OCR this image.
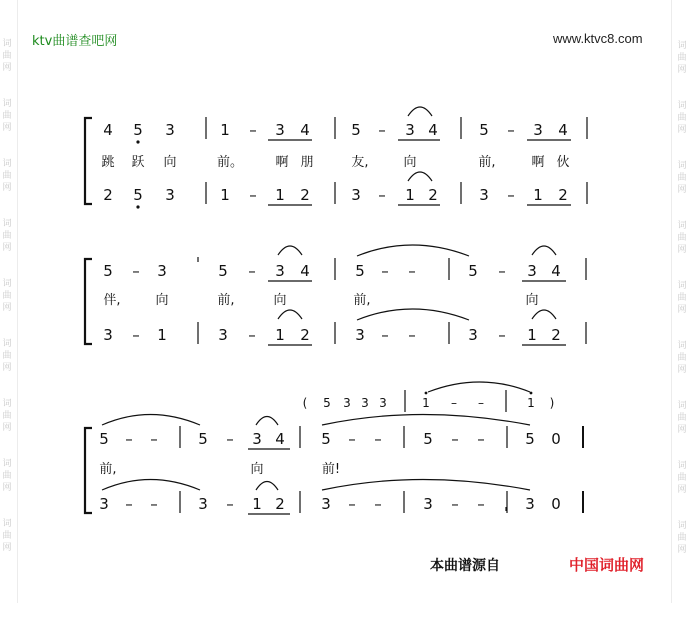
词
曲
网
词
曲
网
词
曲
网
词
曲
网
词
曲
网
词
曲
网
词
曲
网
词
曲
网
词
曲
网
词
曲
网
词
曲
网
词
曲
网
词
曲
网
词
曲
网
词
曲
网
词
曲
网
词
曲
网
词
曲
网
ktv曲谱查吧网	www.ktvc8.com
4 5 3	1 – 3 4	5 – 3 4	5 – 3 4
2 5 3	1 – 1 2	3 – 1 2	3 – 1 2
跳 跃 向	前。 啊 朋	友,	向	前,	啊 伙
5 – 3	5 – 3 4	5 – –	5 – 3 4
3 – 1	3 – 1 2	3 – –	3 – 1 2
伴,	向	前,	向	前,	向
( 5 3 3 3	1 – –	1 )
5 – –	5 – 3 4 5 – –	5 – –	5 0
3 – –	3 – 1 2 3 – –	3 – –	3 0
前,	向	前!
本曲谱源自	中国词曲网
